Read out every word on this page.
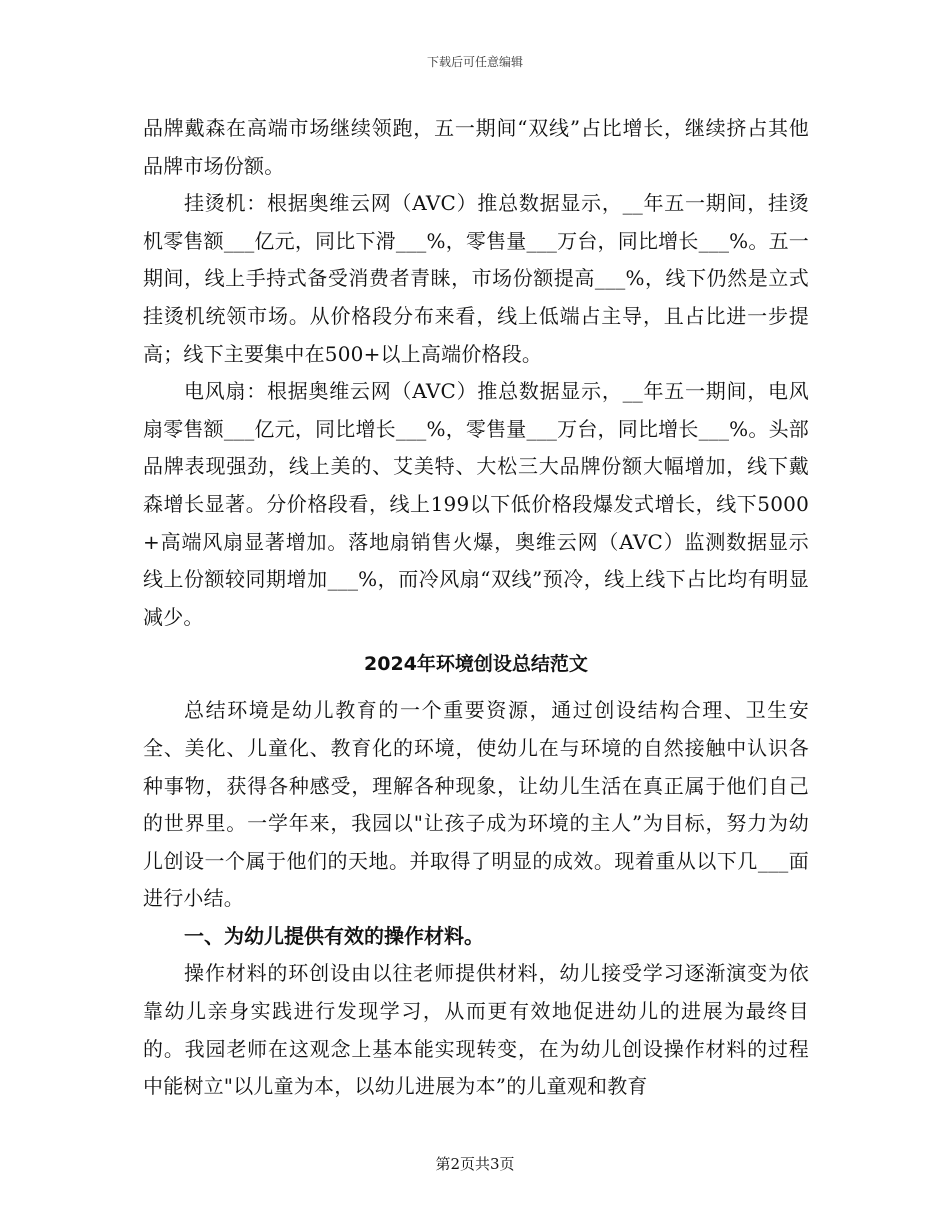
下载后可任意编辑

品牌戴森在高端市场继续领跑，五一期间“双线”占比增长，继续挤占其他品牌市场份额。

挂烫机：根据奥维云网（AVC）推总数据显示，__年五一期间，挂烫机零售额___亿元，同比下滑___%，零售量___万台，同比增长___%。五一期间，线上手持式备受消费者青睐，市场份额提高___%，线下仍然是立式挂烫机统领市场。从价格段分布来看，线上低端占主导，且占比进一步提高；线下主要集中在500+以上高端价格段。

电风扇：根据奥维云网（AVC）推总数据显示，__年五一期间，电风扇零售额___亿元，同比增长___%，零售量___万台，同比增长___%。头部品牌表现强劲，线上美的、艾美特、大松三大品牌份额大幅增加，线下戴森增长显著。分价格段看，线上199以下低价格段爆发式增长，线下5000+高端风扇显著增加。落地扇销售火爆，奥维云网（AVC）监测数据显示线上份额较同期增加___%，而冷风扇“双线”预冷，线上线下占比均有明显减少。

2024年环境创设总结范文

总结环境是幼儿教育的一个重要资源，通过创设结构合理、卫生安全、美化、儿童化、教育化的环境，使幼儿在与环境的自然接触中认识各种事物，获得各种感受，理解各种现象，让幼儿生活在真正属于他们自己的世界里。一学年来，我园以"让孩子成为环境的主人”为目标，努力为幼儿创设一个属于他们的天地。并取得了明显的成效。现着重从以下几___面进行小结。

一、为幼儿提供有效的操作材料。

操作材料的环创设由以往老师提供材料，幼儿接受学习逐渐演变为依靠幼儿亲身实践进行发现学习，从而更有效地促进幼儿的进展为最终目的。我园老师在这观念上基本能实现转变，在为幼儿创设操作材料的过程中能树立"以儿童为本，以幼儿进展为本”的儿童观和教育

第2页共3页
